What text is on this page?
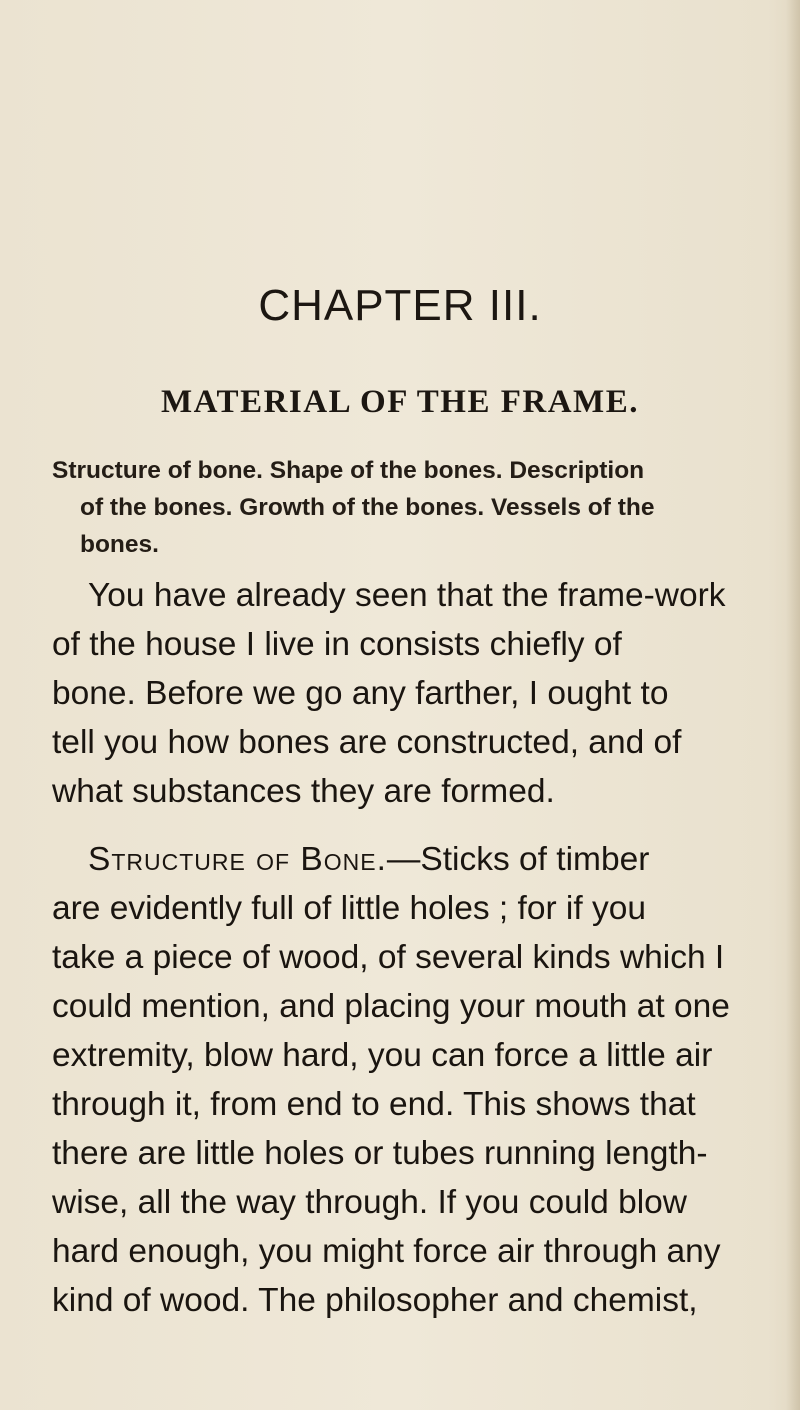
CHAPTER III.
MATERIAL OF THE FRAME.

Structure of bone. Shape of the bones. Description
of the bones. Growth of the bones. Vessels of the
bones.

You have already seen that the frame-work
of the house I live in consists chiefly of
bone. Before we go any farther, I ought to
tell you how bones are constructed, and of
what substances they are formed.

Structure of Bone.—Sticks of timber
are evidently full of little holes ; for if you
take a piece of wood, of several kinds which I
could mention, and placing your mouth at one
extremity, blow hard, you can force a little air
through it, from end to end. This shows that
there are little holes or tubes running length-
wise, all the way through. If you could blow
hard enough, you might force air through any
kind of wood. The philosopher and chemist,
